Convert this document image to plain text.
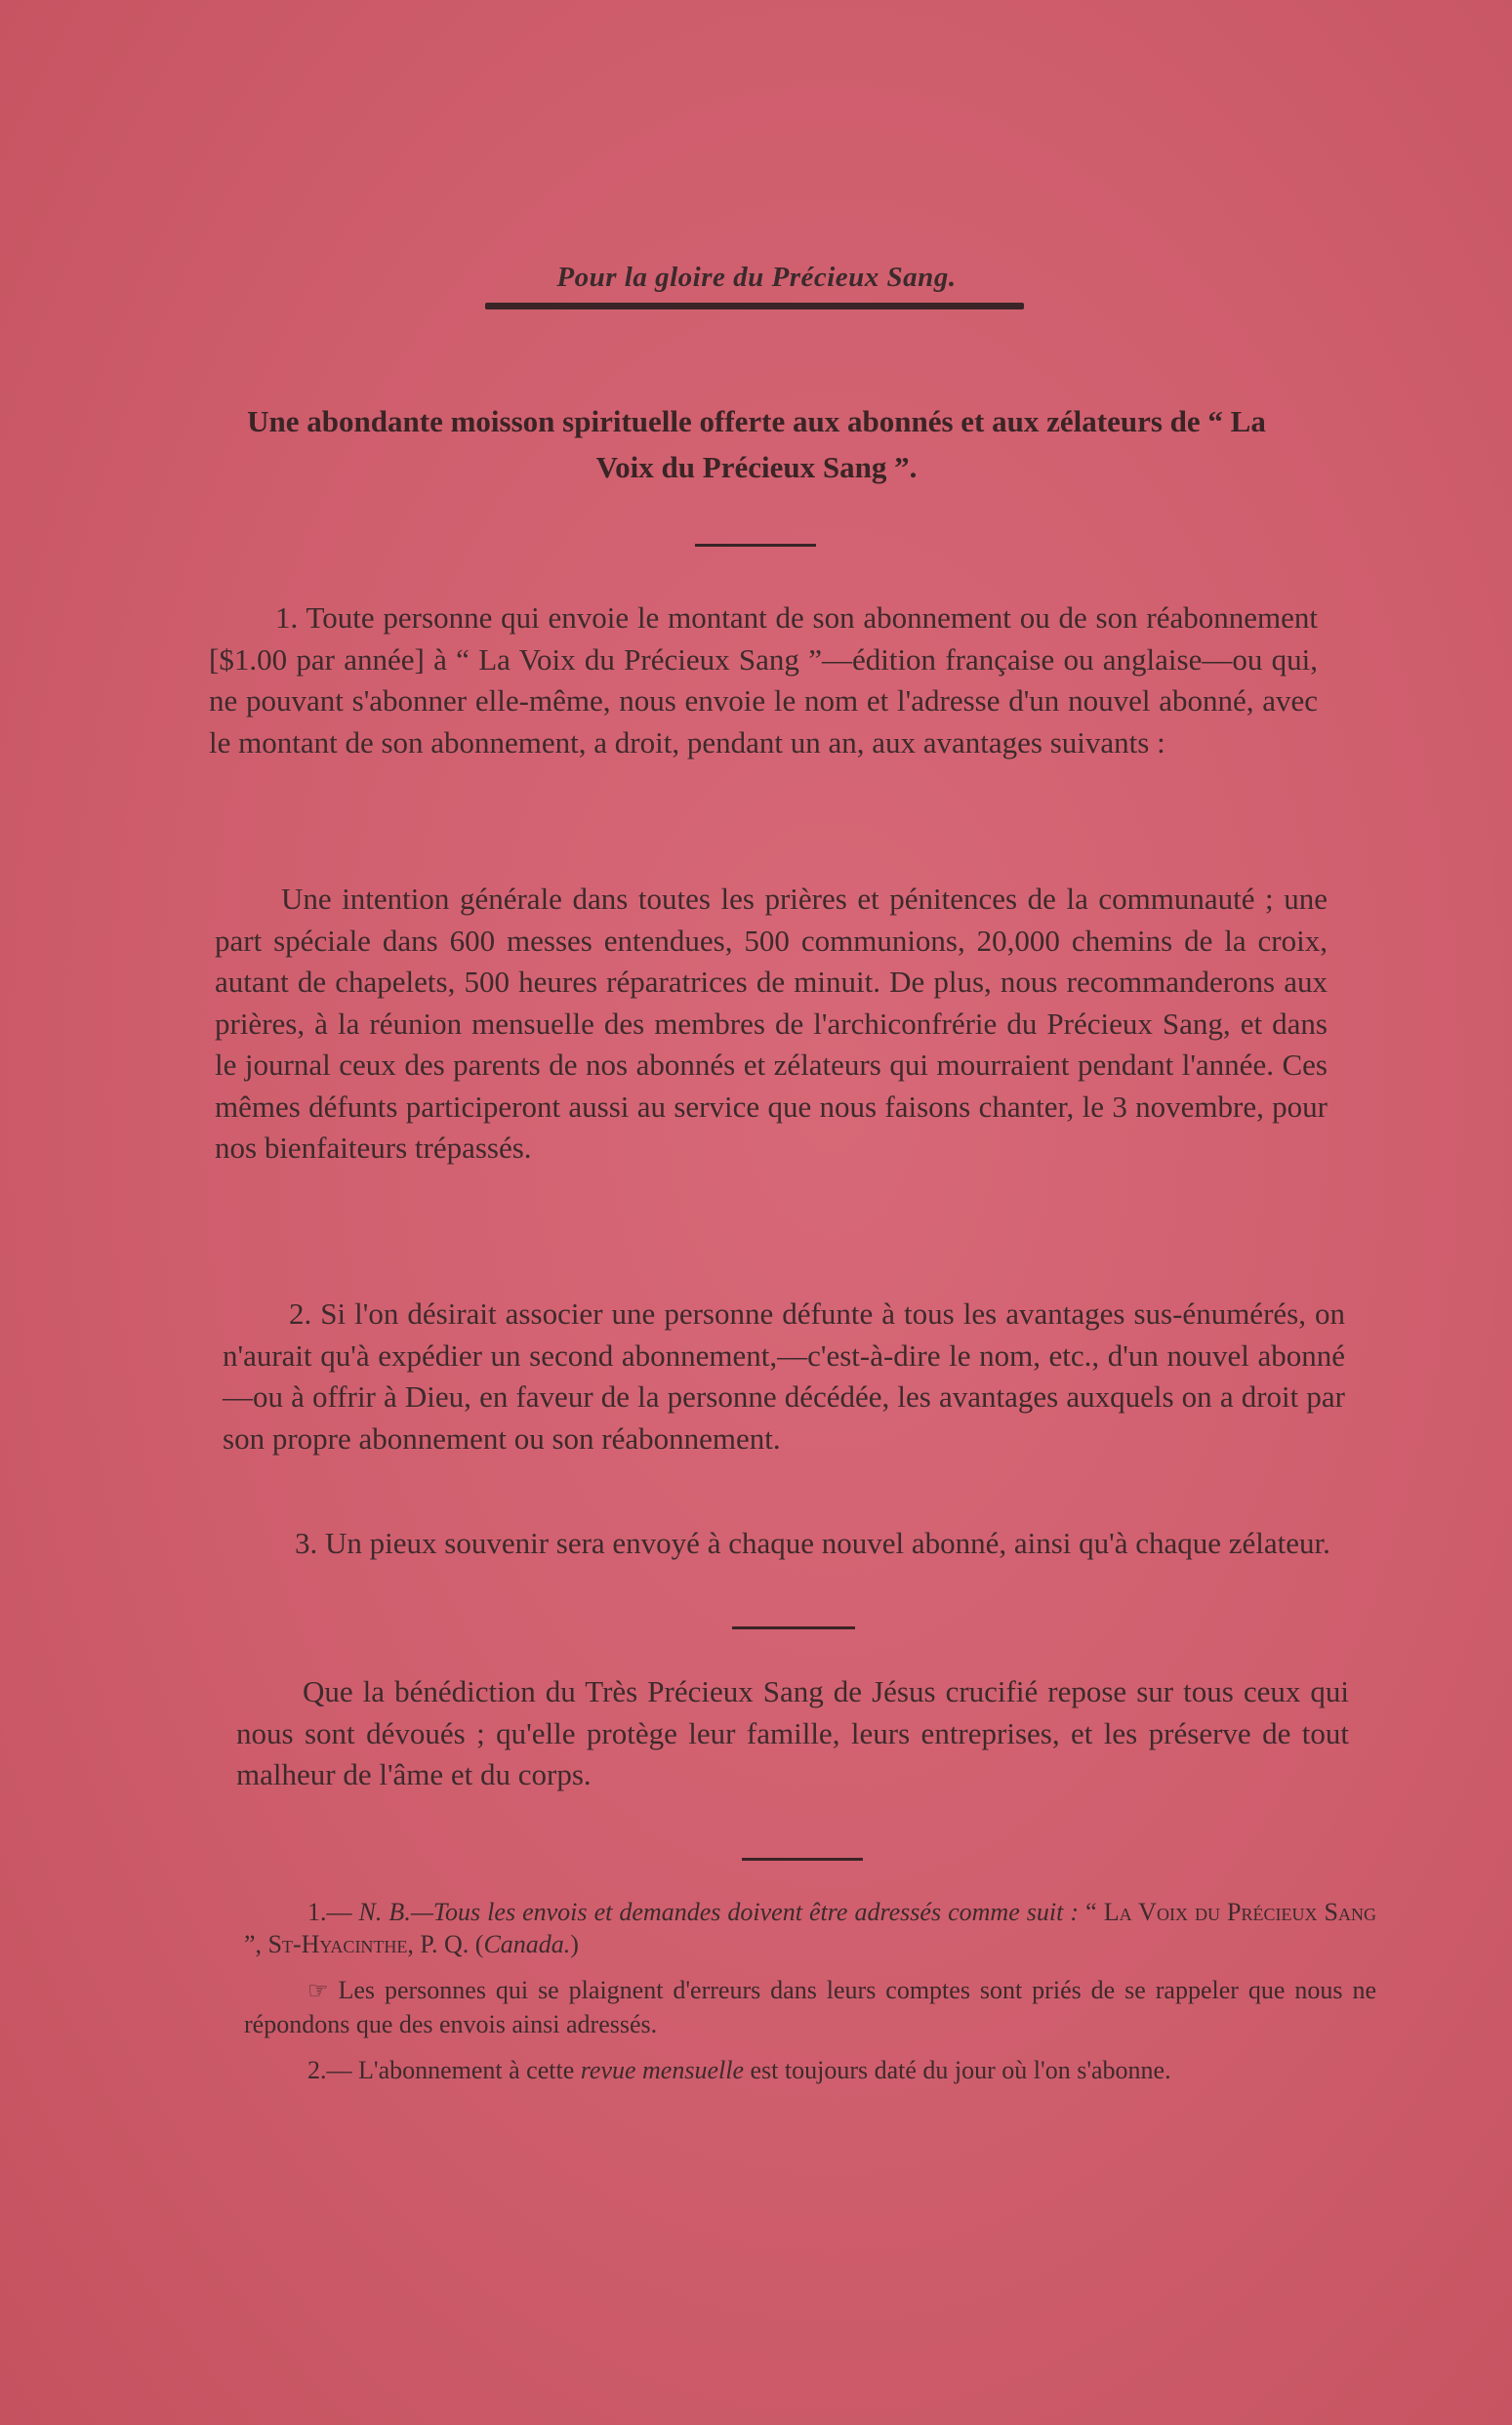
Pour la gloire du Précieux Sang.
Une abondante moisson spirituelle offerte aux abonnés et aux zélateurs de “ La Voix du Précieux Sang ”.

1. Toute personne qui envoie le montant de son abonnement ou de son réabonnement [$1.00 par année] à “ La Voix du Précieux Sang ”—édition française ou anglaise—ou qui, ne pouvant s'abonner elle-même, nous envoie le nom et l'adresse d'un nouvel abonné, avec le montant de son abonnement, a droit, pendant un an, aux avantages suivants :

Une intention générale dans toutes les prières et pénitences de la communauté ; une part spéciale dans 600 messes entendues, 500 communions, 20,000 chemins de la croix, autant de chapelets, 500 heures réparatrices de minuit. De plus, nous recommanderons aux prières, à la réunion mensuelle des membres de l'archiconfrérie du Précieux Sang, et dans le journal ceux des parents de nos abonnés et zélateurs qui mourraient pendant l'année. Ces mêmes défunts participeront aussi au service que nous faisons chanter, le 3 novembre, pour nos bienfaiteurs trépassés.

2. Si l'on désirait associer une personne défunte à tous les avantages sus-énumérés, on n'aurait qu'à expédier un second abonnement,—c'est-à-dire le nom, etc., d'un nouvel abonné—ou à offrir à Dieu, en faveur de la personne décédée, les avantages auxquels on a droit par son propre abonnement ou son réabonnement.

3. Un pieux souvenir sera envoyé à chaque nouvel abonné, ainsi qu'à chaque zélateur.

Que la bénédiction du Très Précieux Sang de Jésus crucifié repose sur tous ceux qui nous sont dévoués ; qu'elle protège leur famille, leurs entreprises, et les préserve de tout malheur de l'âme et du corps.

1.— N. B.—Tous les envois et demandes doivent être adressés comme suit : “ La Voix du Précieux Sang ”, St-Hyacinthe, P. Q. (Canada.)

☞ Les personnes qui se plaignent d'erreurs dans leurs comptes sont priés de se rappeler que nous ne répondons que des envois ainsi adressés.

2.— L'abonnement à cette revue mensuelle est toujours daté du jour où l'on s'abonne.
